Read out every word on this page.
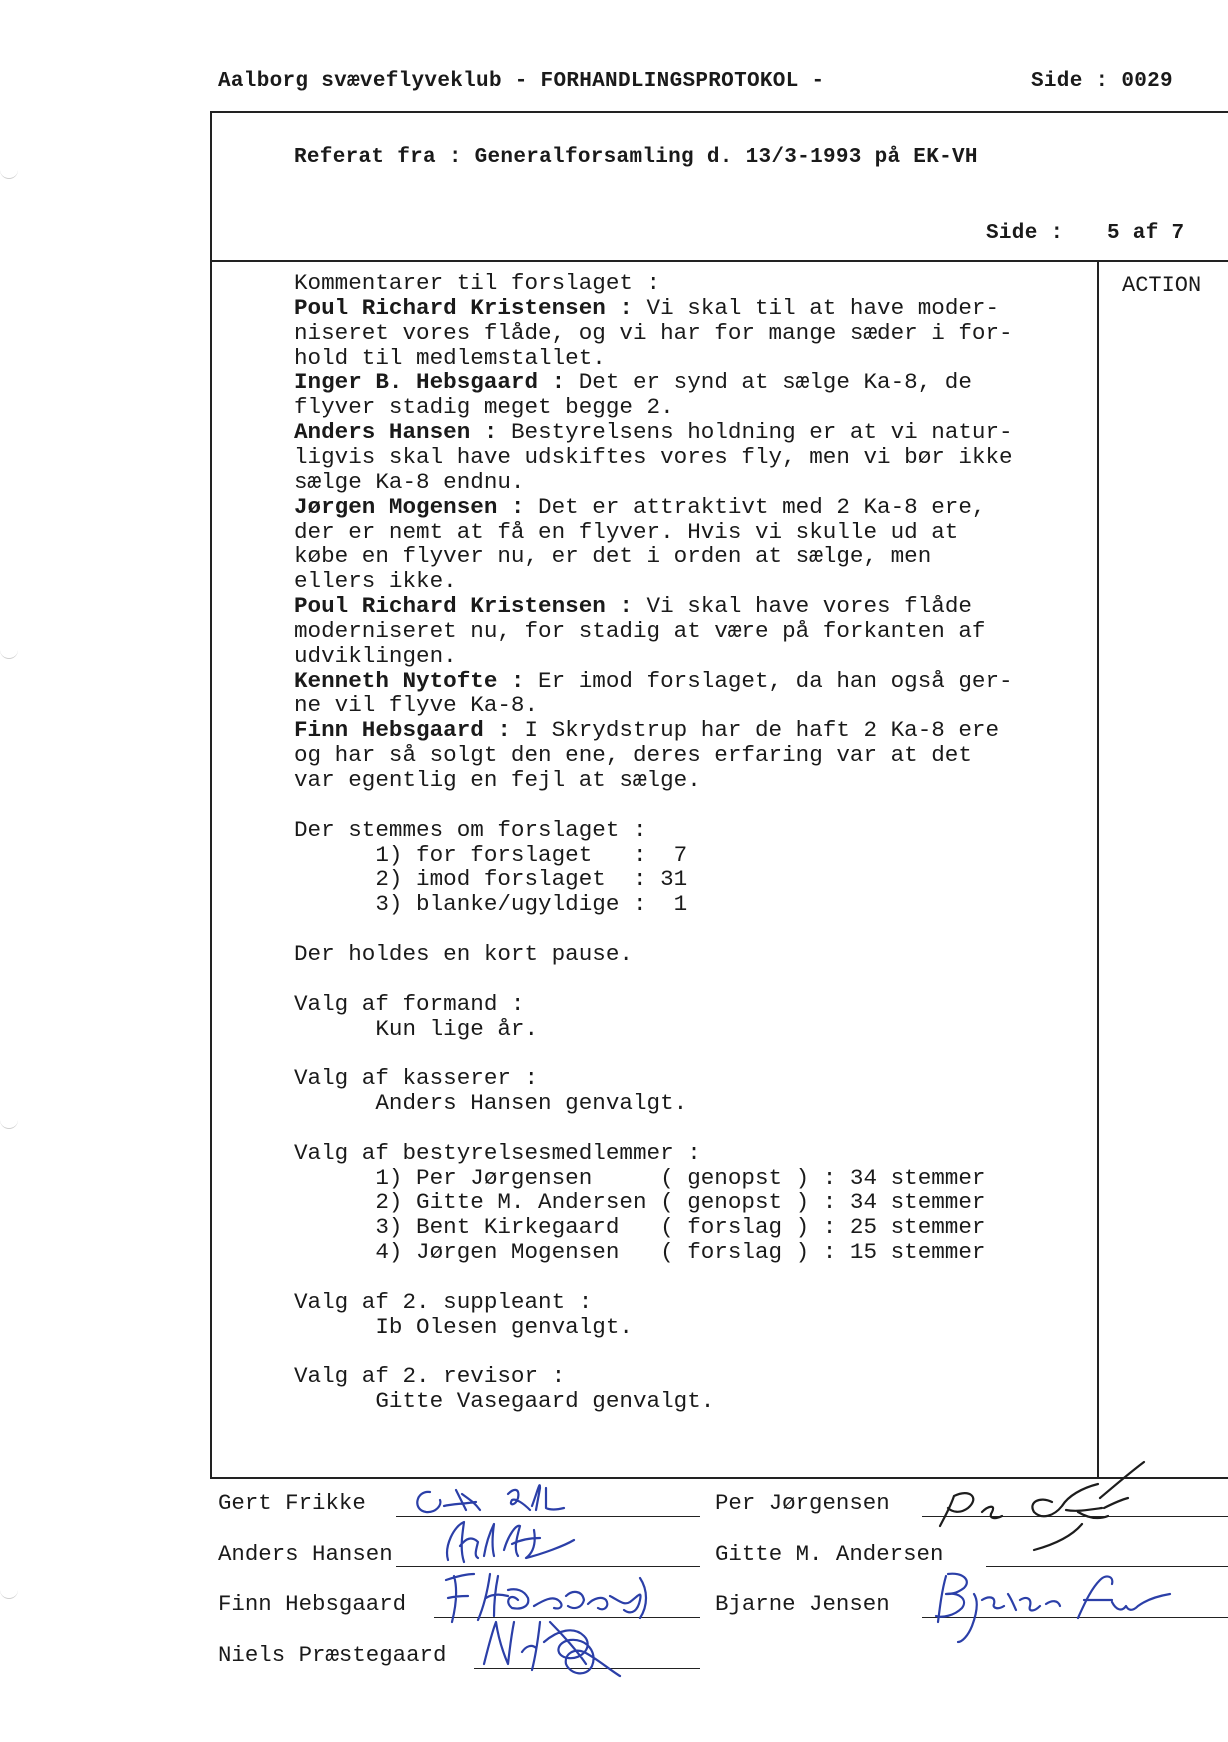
Aalborg svæveflyveklub - FORHANDLINGSPROTOKOL -	Side : 0029
Referat fra : Generalforsamling d. 13/3-1993 på EK-VH
Side : 5 af 7
ACTION
Kommentarer til forslaget :
Poul Richard Kristensen : Vi skal til at have moder-
niseret vores flåde, og vi har for mange sæder i for-
hold til medlemstallet.
Inger B. Hebsgaard : Det er synd at sælge Ka-8, de
flyver stadig meget begge 2.
Anders Hansen : Bestyrelsens holdning er at vi natur-
ligvis skal have udskiftes vores fly, men vi bør ikke
sælge Ka-8 endnu.
Jørgen Mogensen : Det er attraktivt med 2 Ka-8 ere,
der er nemt at få en flyver. Hvis vi skulle ud at
købe en flyver nu, er det i orden at sælge, men
ellers ikke.
Poul Richard Kristensen : Vi skal have vores flåde
moderniseret nu, for stadig at være på forkanten af
udviklingen.
Kenneth Nytofte : Er imod forslaget, da han også ger-
ne vil flyve Ka-8.
Finn Hebsgaard : I Skrydstrup har de haft 2 Ka-8 ere
og har så solgt den ene, deres erfaring var at det
var egentlig en fejl at sælge.
Der stemmes om forslaget :
1) for forslaget   :  7
2) imod forslaget  : 31
3) blanke/ugyldige :  1
Der holdes en kort pause.
Valg af formand :
Kun lige år.
Valg af kasserer :
Anders Hansen genvalgt.
Valg af bestyrelsesmedlemmer :
1) Per Jørgensen     ( genopst ) : 34 stemmer
2) Gitte M. Andersen ( genopst ) : 34 stemmer
3) Bent Kirkegaard   ( forslag ) : 25 stemmer
4) Jørgen Mogensen   ( forslag ) : 15 stemmer
Valg af 2. suppleant :
Ib Olesen genvalgt.
Valg af 2. revisor :
Gitte Vasegaard genvalgt.
Gert Frikke
Anders Hansen
Finn Hebsgaard
Niels Præstegaard
Per Jørgensen
Gitte M. Andersen
Bjarne Jensen
